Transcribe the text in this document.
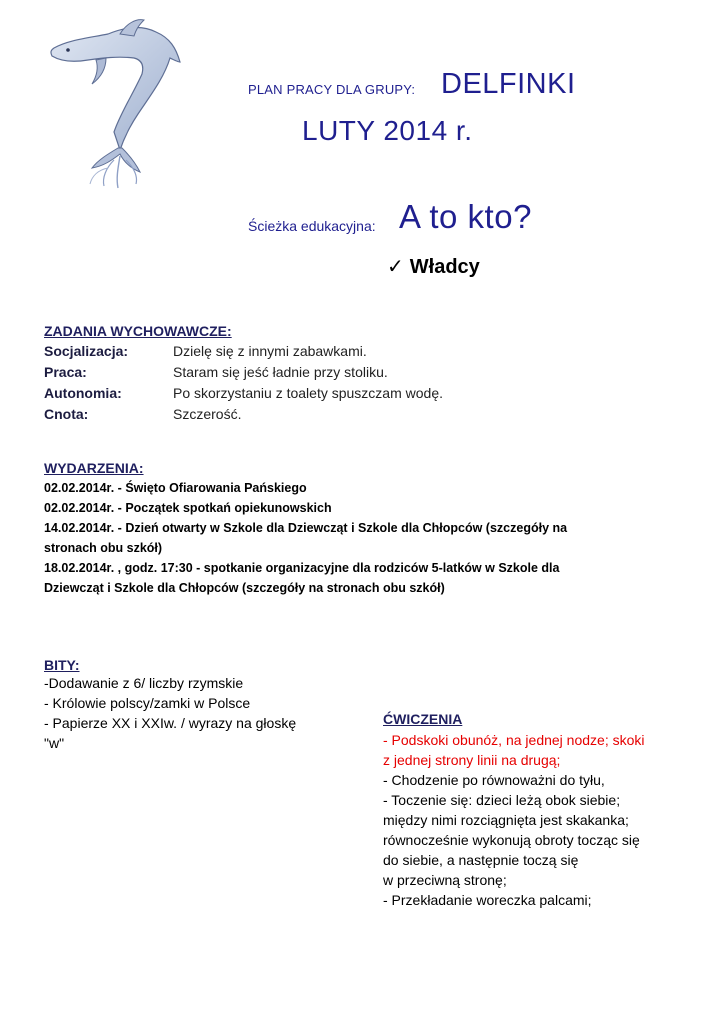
PLAN PRACY DLA GRUPY: DELFINKI
LUTY 2014 r.
Ścieżka edukacyjna: A to kto?
✓ Władcy
ZADANIA WYCHOWAWCZE:
Socjalizacja:	Dzielę się z innymi zabawkami.
Praca:	Staram się jeść ładnie przy stoliku.
Autonomia:	Po skorzystaniu z toalety spuszczam wodę.
Cnota:	Szczerość.
WYDARZENIA:

02.02.2014r. - Święto Ofiarowania Pańskiego

02.02.2014r. - Początek spotkań opiekunowskich

14.02.2014r. - Dzień otwarty w Szkole dla Dziewcząt i Szkole dla Chłopców (szczegóły na

stronach obu szkół)

18.02.2014r. , godz. 17:30 - spotkanie organizacyjne dla rodziców 5-latków w Szkole dla

Dziewcząt i Szkole dla Chłopców (szczegóły na stronach obu szkół)

BITY:

-Dodawanie z 6/ liczby rzymskie

- Królowie polscy/zamki w Polsce

- Papierze XX i XXIw. / wyrazy na głoskę

"w"

ĆWICZENIA

- Podskoki obunóż, na jednej nodze; skoki

z jednej strony linii na drugą;

- Chodzenie po równoważni do tyłu,

- Toczenie się: dzieci leżą obok siebie;

między nimi rozciągnięta jest skakanka;

równocześnie wykonują obroty tocząc się

do siebie, a następnie toczą się

w przeciwną stronę;

- Przekładanie woreczka palcami;
